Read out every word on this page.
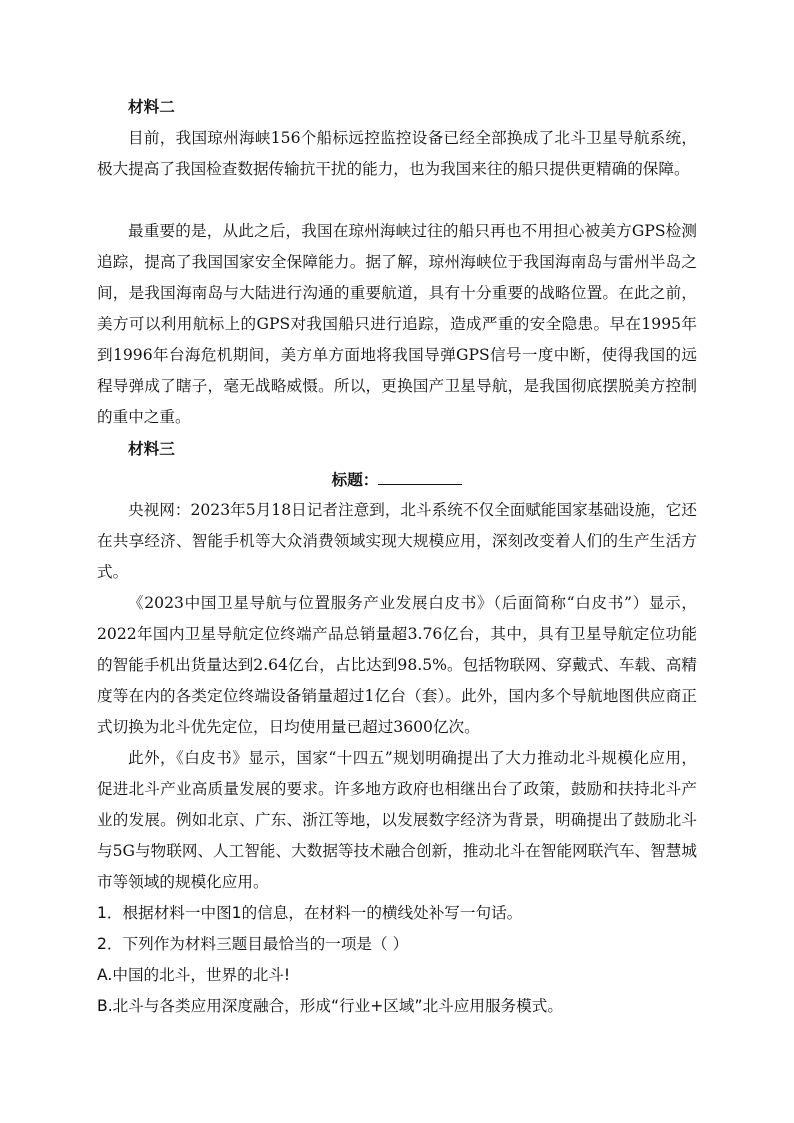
材料二

目前，我国琼州海峡156个船标远控监控设备已经全部换成了北斗卫星导航系统，极大提高了我国检查数据传输抗干扰的能力，也为我国来往的船只提供更精确的保障。

最重要的是，从此之后，我国在琼州海峡过往的船只再也不用担心被美方GPS检测追踪，提高了我国国家安全保障能力。据了解，琼州海峡位于我国海南岛与雷州半岛之间，是我国海南岛与大陆进行沟通的重要航道，具有十分重要的战略位置。在此之前，美方可以利用航标上的GPS对我国船只进行追踪，造成严重的安全隐患。早在1995年到1996年台海危机期间，美方单方面地将我国导弹GPS信号一度中断，使得我国的远程导弹成了瞎子，毫无战略威慑。所以，更换国产卫星导航，是我国彻底摆脱美方控制的重中之重。

材料三

标题：

央视网：2023年5月18日记者注意到，北斗系统不仅全面赋能国家基础设施，它还在共享经济、智能手机等大众消费领域实现大规模应用，深刻改变着人们的生产生活方式。

《2023中国卫星导航与位置服务产业发展白皮书》（后面简称“白皮书”）显示，2022年国内卫星导航定位终端产品总销量超3.76亿台，其中，具有卫星导航定位功能的智能手机出货量达到2.64亿台，占比达到98.5%。包括物联网、穿戴式、车载、高精度等在内的各类定位终端设备销量超过1亿台（套）。此外，国内多个导航地图供应商正式切换为北斗优先定位，日均使用量已超过3600亿次。

此外，《白皮书》显示，国家“十四五”规划明确提出了大力推动北斗规模化应用，促进北斗产业高质量发展的要求。许多地方政府也相继出台了政策，鼓励和扶持北斗产业的发展。例如北京、广东、浙江等地，以发展数字经济为背景，明确提出了鼓励北斗与5G与物联网、人工智能、大数据等技术融合创新，推动北斗在智能网联汽车、智慧城市等领域的规模化应用。

1．根据材料一中图1的信息，在材料一的横线处补写一句话。

2．下列作为材料三题目最恰当的一项是（ ）

A.中国的北斗，世界的北斗!

B.北斗与各类应用深度融合，形成“行业+区域”北斗应用服务模式。
